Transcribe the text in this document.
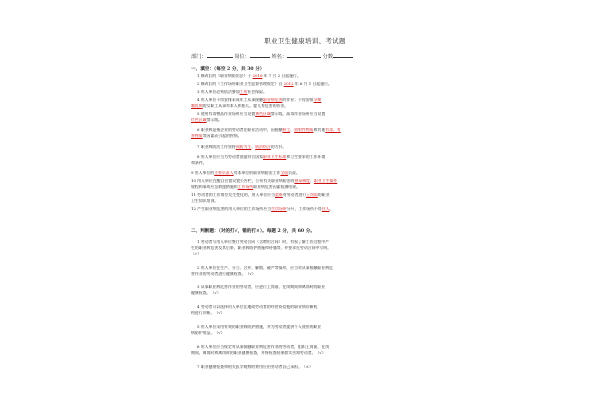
职业卫生健康培训、考试题
部门：	岗位：	姓名：	分数
一、填空：（每空 2 分，共 30 分）
1 修改后的《职业病防治法》于 2016 年 7 月 2 日起施行。
2 修改后的《工作场所职业卫生监督管理规定》自 2012 年 6 月 1 日起施行。
3 用人单位必须依法参加工伤社会保险。
4 用人单位不得安排未成年工从事接触职业病危害的作业；不得安排孕期
哺乳期的女职工从事对本人和胎儿、婴儿有危害的作业。
5 使用有毒物品作业场所应当设置黄色区域警示线，高毒作业场所应当设置
红色区域警示线。
6 职业病是指企业的劳动者在职业活动中，因接触粉尘、放射性物质和其他有毒、有
害物质等因素而引起的疾病。
7 职业病防治工作坚持预防为主、防治结合的方针。
8 用人单位应当为劳动者创造符合国家职业卫生标准和卫生要求的工作环境
和条件。
9 用人单位的主要负责人对本单位的职业病防治工作全面负责。
10 用人单位在醒目位置设置公告栏，公布有关职业病防治的规章制度、职业卫生操作
规程和事故应急救援措施和工作场所职业病危害因素检测结果。
11 劳动者的工作岗位发生变化的，用人单位应当重新对劳动者进行上岗前的职业
卫生知识培训。
12 产生职业病危害的用人单位的工作场所应当生活场所分开，工作场所不得住人。
二、判断题：（对的打√，错的打×）。每题 2 分，共 60 分。
1 劳动者与用人单位签订劳动合同（含聘用合同）时，有权了解工作过程中产
生的职业病危害及其后果、职业病防护措施和待遇等，并要求在劳动合同中写明。
（√）
2 用人单位在生产、分立、合并、解散、破产等情形，应当对从事接触职业病危
害作业的劳动者进行健康检查。（√）
3 从事职业病危害作业的劳动者，应进行上岗前、在岗期间和离岗时的职业
健康检查。（√）
4 劳动者可以选择用人单位在地或劳动者的经营资信他的职业病诊断机
构进行诊断。（√）
5 用人单位采用有效的职业病防护措施，并为劳动者提供个人使用的职业
病防护用品。（√）
6 用人单位应当规定对从事接触职业病危害作业的劳动者，组织上岗前，在岗
期间，离岗时和离岗时的职业健康检查，并将检查结果如实告知劳动者。（√）
7 职业健康检查和相关医学观察的费用应由劳动者自己承担。（×）
